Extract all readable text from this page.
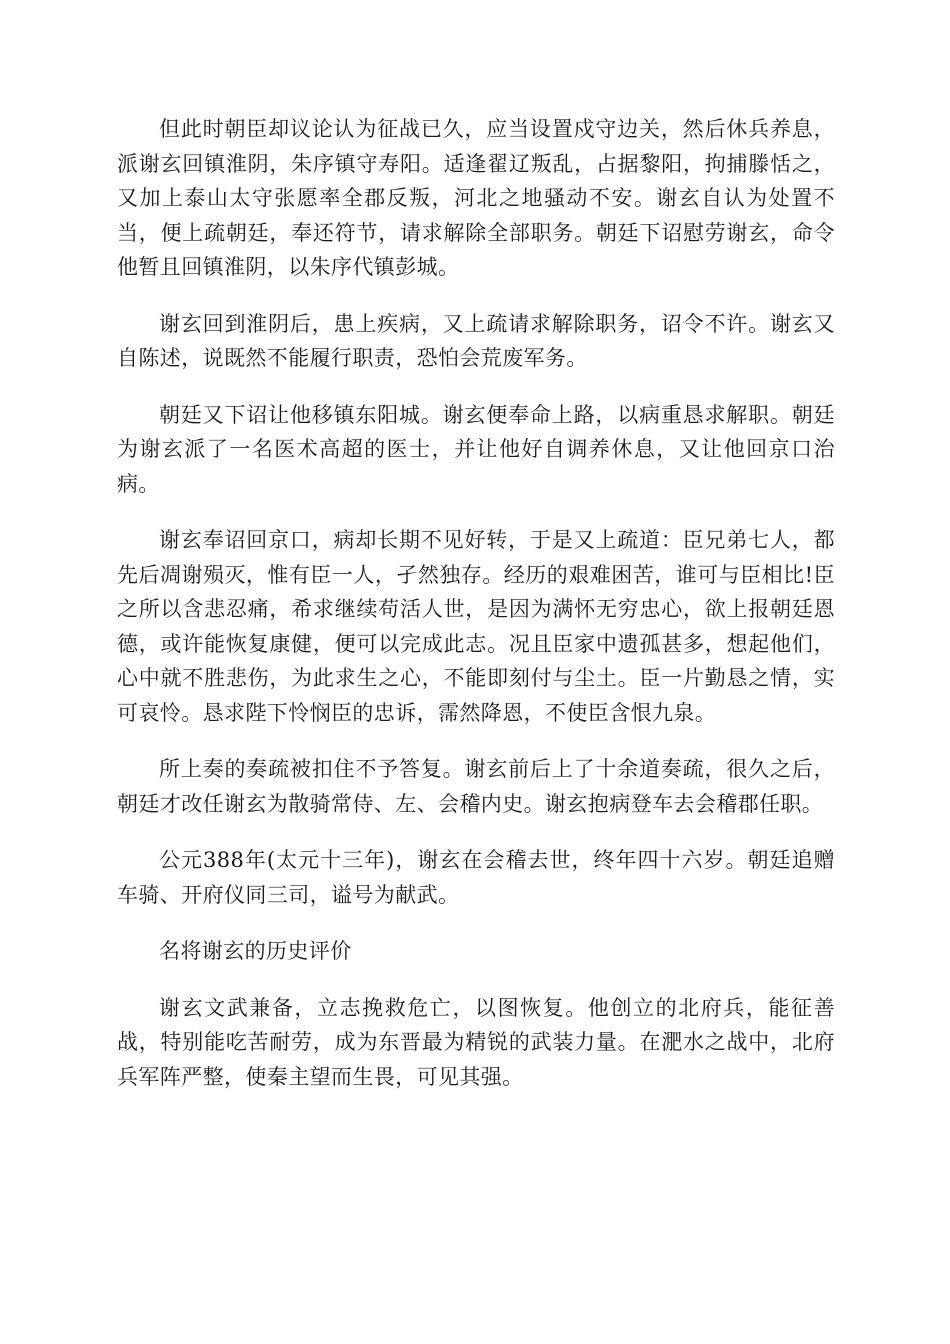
但此时朝臣却议论认为征战已久，应当设置戍守边关，然后休兵养息，派谢玄回镇淮阴，朱序镇守寿阳。适逢翟辽叛乱，占据黎阳，拘捕滕恬之，又加上泰山太守张愿率全郡反叛，河北之地骚动不安。谢玄自认为处置不当，便上疏朝廷，奉还符节，请求解除全部职务。朝廷下诏慰劳谢玄，命令他暂且回镇淮阴，以朱序代镇彭城。

谢玄回到淮阴后，患上疾病，又上疏请求解除职务，诏令不许。谢玄又自陈述，说既然不能履行职责，恐怕会荒废军务。

朝廷又下诏让他移镇东阳城。谢玄便奉命上路，以病重恳求解职。朝廷为谢玄派了一名医术高超的医士，并让他好自调养休息，又让他回京口治病。

谢玄奉诏回京口，病却长期不见好转，于是又上疏道：臣兄弟七人，都先后凋谢殒灭，惟有臣一人，孑然独存。经历的艰难困苦，谁可与臣相比!臣之所以含悲忍痛，希求继续苟活人世，是因为满怀无穷忠心，欲上报朝廷恩德，或许能恢复康健，便可以完成此志。况且臣家中遗孤甚多，想起他们，心中就不胜悲伤，为此求生之心，不能即刻付与尘土。臣一片勤恳之情，实可哀怜。恳求陛下怜悯臣的忠诉，霈然降恩，不使臣含恨九泉。

所上奏的奏疏被扣住不予答复。谢玄前后上了十余道奏疏，很久之后，朝廷才改任谢玄为散骑常侍、左、会稽内史。谢玄抱病登车去会稽郡任职。

公元388年(太元十三年)，谢玄在会稽去世，终年四十六岁。朝廷追赠车骑、开府仪同三司，谥号为献武。

名将谢玄的历史评价

谢玄文武兼备，立志挽救危亡，以图恢复。他创立的北府兵，能征善战，特别能吃苦耐劳，成为东晋最为精锐的武装力量。在淝水之战中，北府兵军阵严整，使秦主望而生畏，可见其强。
